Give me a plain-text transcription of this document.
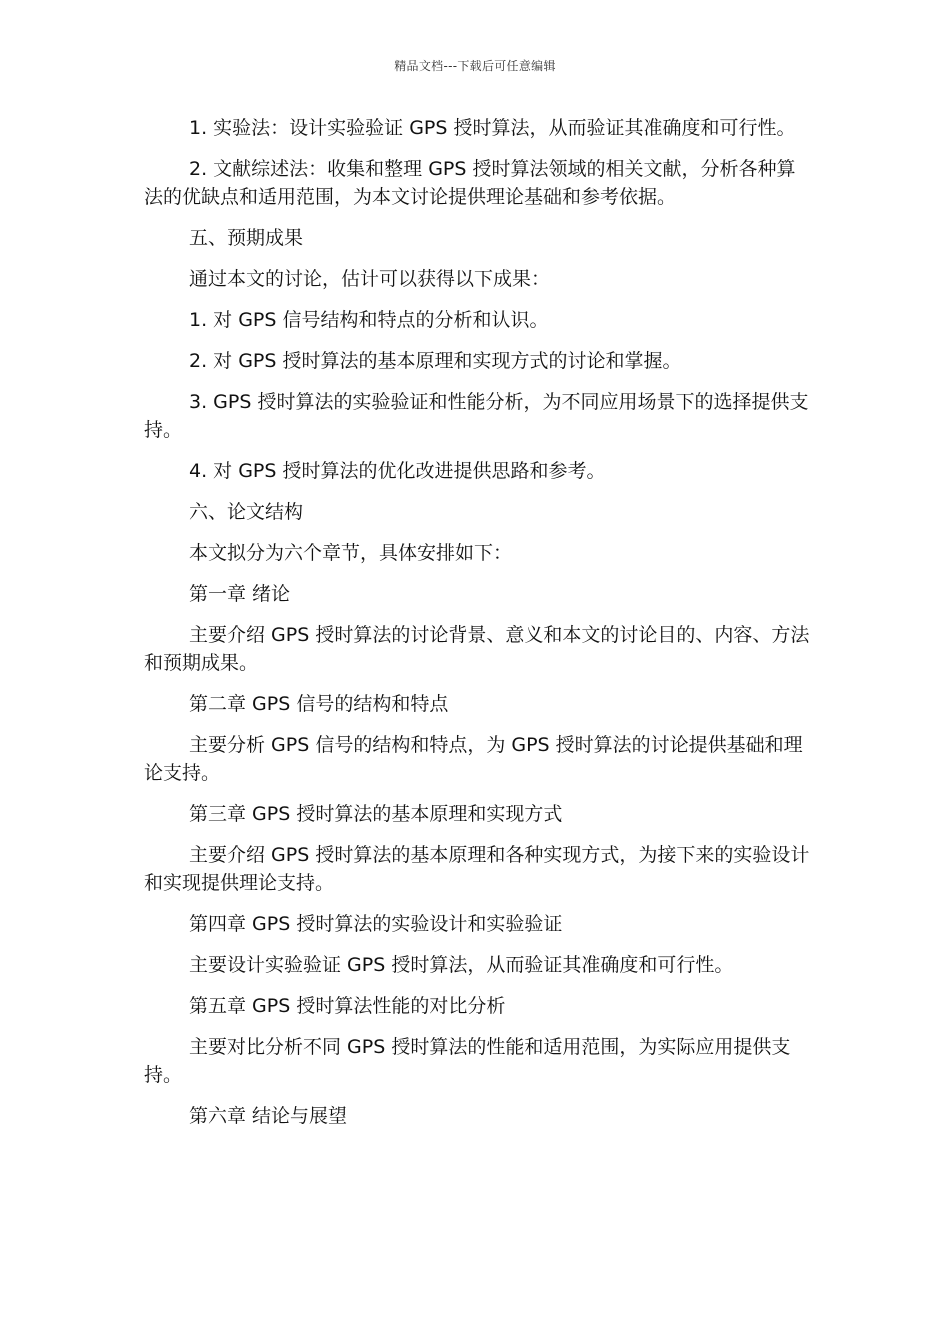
精品文档---下载后可任意编辑

1. 实验法：设计实验验证 GPS 授时算法，从而验证其准确度和可行性。

2. 文献综述法：收集和整理 GPS 授时算法领域的相关文献，分析各种算法的优缺点和适用范围，为本文讨论提供理论基础和参考依据。

五、预期成果

通过本文的讨论，估计可以获得以下成果：

1. 对 GPS 信号结构和特点的分析和认识。

2. 对 GPS 授时算法的基本原理和实现方式的讨论和掌握。

3. GPS 授时算法的实验验证和性能分析，为不同应用场景下的选择提供支持。

4. 对 GPS 授时算法的优化改进提供思路和参考。

六、论文结构

本文拟分为六个章节，具体安排如下：

第一章 绪论

主要介绍 GPS 授时算法的讨论背景、意义和本文的讨论目的、内容、方法和预期成果。

第二章 GPS 信号的结构和特点

主要分析 GPS 信号的结构和特点，为 GPS 授时算法的讨论提供基础和理论支持。

第三章 GPS 授时算法的基本原理和实现方式

主要介绍 GPS 授时算法的基本原理和各种实现方式，为接下来的实验设计和实现提供理论支持。

第四章 GPS 授时算法的实验设计和实验验证

主要设计实验验证 GPS 授时算法，从而验证其准确度和可行性。

第五章 GPS 授时算法性能的对比分析

主要对比分析不同 GPS 授时算法的性能和适用范围，为实际应用提供支持。

第六章 结论与展望
